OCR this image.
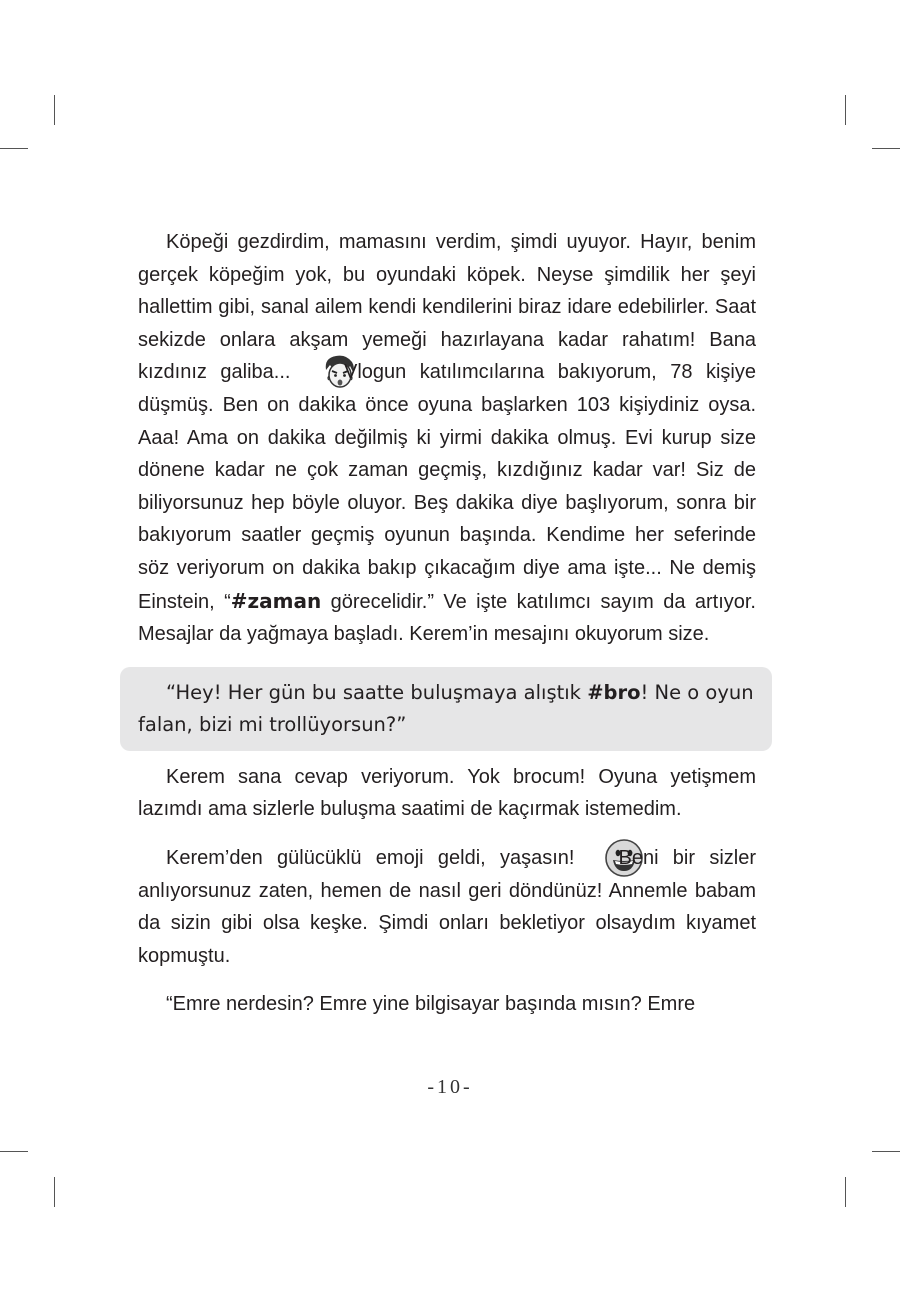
Köpeği gezdirdim, mamasını verdim, şimdi uyuyor. Hayır, benim gerçek köpeğim yok, bu oyundaki köpek. Neyse şimdilik her şeyi hallettim gibi, sanal ailem kendi kendilerini biraz idare edebilirler. Saat sekizde onlara akşam yemeği hazırlayana kadar rahatım! Bana kızdınız galiba... Vlogun katılımcılarına bakıyorum, 78 kişiye düşmüş. Ben on dakika önce oyuna başlarken 103 kişiydiniz oysa. Aaa! Ama on dakika değilmiş ki yirmi dakika olmuş. Evi kurup size dönene kadar ne çok zaman geçmiş, kızdığınız kadar var! Siz de biliyorsunuz hep böyle oluyor. Beş dakika diye başlıyorum, sonra bir bakıyorum saatler geçmiş oyunun başında. Kendime her seferinde söz veriyorum on dakika bakıp çıkacağım diye ama işte... Ne demiş Einstein, “#zaman görecelidir.” Ve işte katılımcı sayım da artıyor. Mesajlar da yağmaya başladı. Kerem’in mesajını okuyorum size.

“Hey! Her gün bu saatte buluşmaya alıştık #bro! Ne o oyun falan, bizi mi trollüyorsun?”

Kerem sana cevap veriyorum. Yok brocum! Oyuna yetişmem lazımdı ama sizlerle buluşma saatimi de kaçırmak istemedim.

Kerem’den gülücüklü emoji geldi, yaşasın! Beni bir sizler anlıyorsunuz zaten, hemen de nasıl geri döndünüz! Annemle babam da sizin gibi olsa keşke. Şimdi onları bekletiyor olsaydım kıyamet kopmuştu.

“Emre nerdesin? Emre yine bilgisayar başında mısın? Emre

-10-
